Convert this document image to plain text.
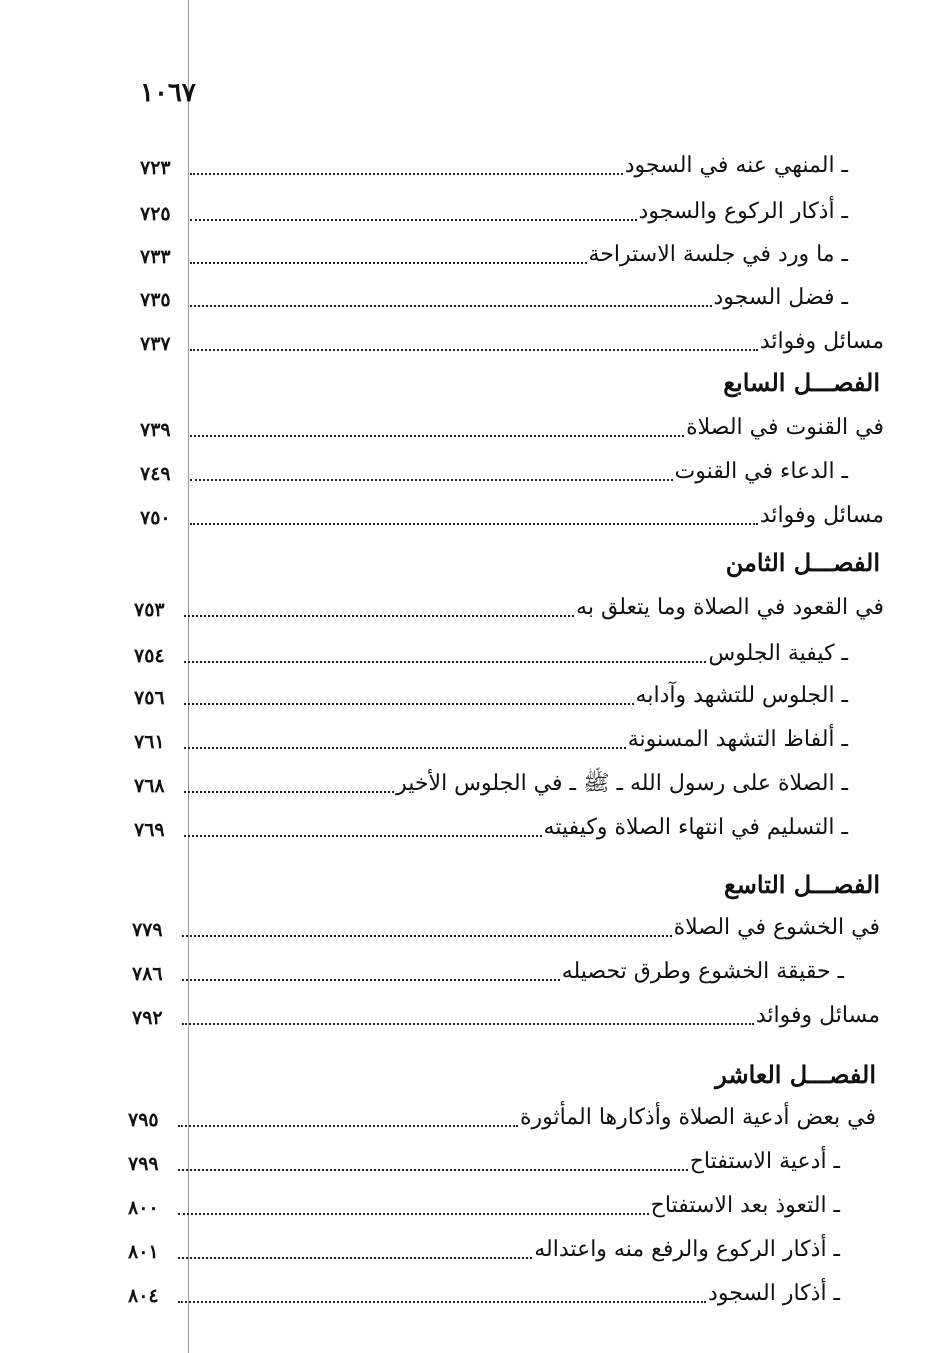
١٠٦٧
٧٢٣	ـ المنهي عنه في السجود
٧٢٥	ـ أذكار الركوع والسجود
٧٣٣	ـ ما ورد في جلسة الاستراحة
٧٣٥	ـ فضل السجود
٧٣٧	مسائل وفوائد
الفصـــل السابع
٧٣٩	في القنوت في الصلاة
٧٤٩	ـ الدعاء في القنوت
٧٥٠	مسائل وفوائد
الفصـــل الثامن
٧٥٣	في القعود في الصلاة وما يتعلق به
٧٥٤	ـ كيفية الجلوس
٧٥٦	ـ الجلوس للتشهد وآدابه
٧٦١	ـ ألفاظ التشهد المسنونة
٧٦٨	ـ الصلاة على رسول الله ـ ﷺ ـ في الجلوس الأخير
٧٦٩	ـ التسليم في انتهاء الصلاة وكيفيته
الفصـــل التاسع
٧٧٩	في الخشوع في الصلاة
٧٨٦	ـ حقيقة الخشوع وطرق تحصيله
٧٩٢	مسائل وفوائد
الفصـــل العاشر
٧٩٥	في بعض أدعية الصلاة وأذكارها المأثورة
٧٩٩	ـ أدعية الاستفتاح
٨٠٠	ـ التعوذ بعد الاستفتاح
٨٠١	ـ أذكار الركوع والرفع منه واعتداله
٨٠٤	ـ أذكار السجود
